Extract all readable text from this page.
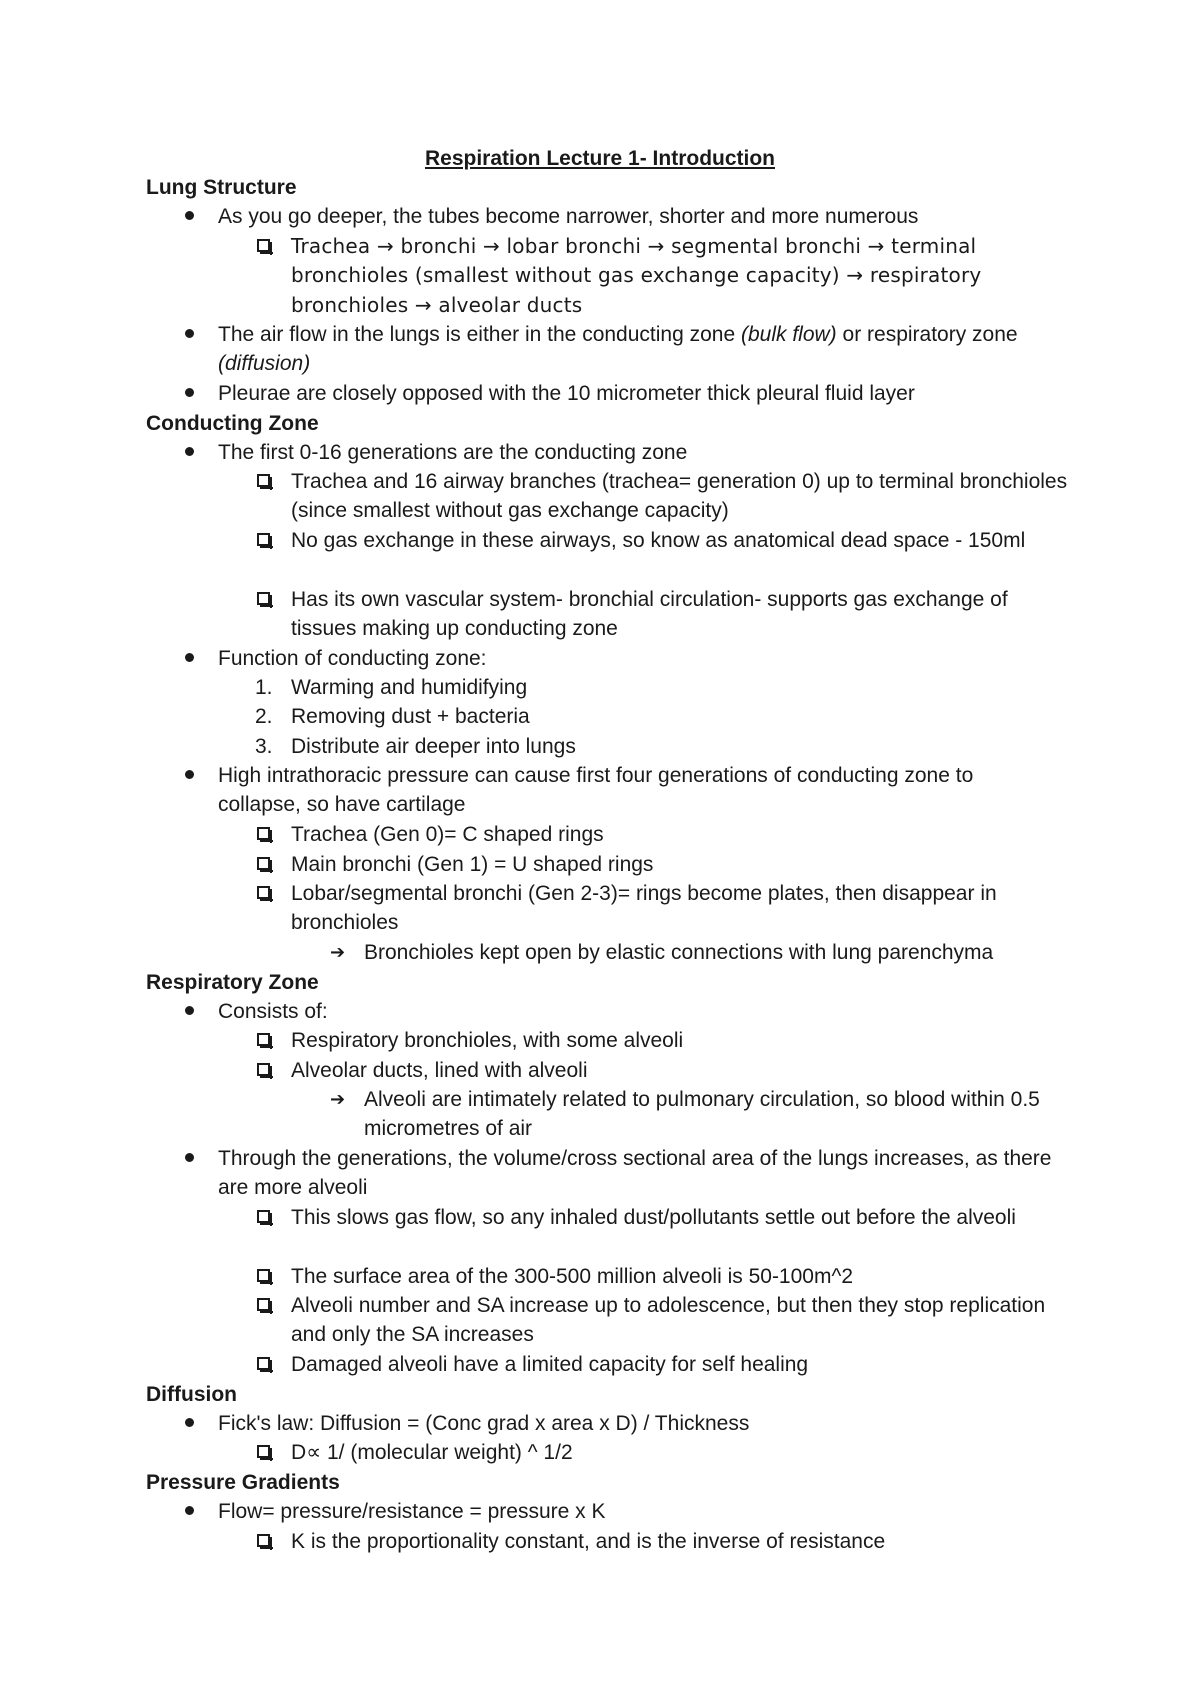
Respiration Lecture 1- Introduction
Lung Structure
As you go deeper, the tubes become narrower, shorter and more numerous
Trachea → bronchi → lobar bronchi → segmental bronchi → terminal bronchioles (smallest without gas exchange capacity) → respiratory bronchioles → alveolar ducts
The air flow in the lungs is either in the conducting zone (bulk flow) or respiratory zone (diffusion)
Pleurae are closely opposed with the 10 micrometer thick pleural fluid layer
Conducting Zone
The first 0-16 generations are the conducting zone
Trachea and 16 airway branches (trachea= generation 0) up to terminal bronchioles (since smallest without gas exchange capacity)
No gas exchange in these airways, so know as anatomical dead space - 150ml
Has its own vascular system- bronchial circulation- supports gas exchange of tissues making up conducting zone
Function of conducting zone:
1. Warming and humidifying
2. Removing dust + bacteria
3. Distribute air deeper into lungs
High intrathoracic pressure can cause first four generations of conducting zone to collapse, so have cartilage
Trachea (Gen 0)= C shaped rings
Main bronchi (Gen 1) = U shaped rings
Lobar/segmental bronchi (Gen 2-3)= rings become plates, then disappear in bronchioles
➔ Bronchioles kept open by elastic connections with lung parenchyma
Respiratory Zone
Consists of:
Respiratory bronchioles, with some alveoli
Alveolar ducts, lined with alveoli
➔ Alveoli are intimately related to pulmonary circulation, so blood within 0.5 micrometres of air
Through the generations, the volume/cross sectional area of the lungs increases, as there are more alveoli
This slows gas flow, so any inhaled dust/pollutants settle out before the alveoli
The surface area of the 300-500 million alveoli is 50-100m^2
Alveoli number and SA increase up to adolescence, but then they stop replication and only the SA increases
Damaged alveoli have a limited capacity for self healing
Diffusion
Fick's law: Diffusion = (Conc grad x area x D) / Thickness
D∝ 1/ (molecular weight) ^ 1/2
Pressure Gradients
Flow= pressure/resistance = pressure x K
K is the proportionality constant, and is the inverse of resistance
